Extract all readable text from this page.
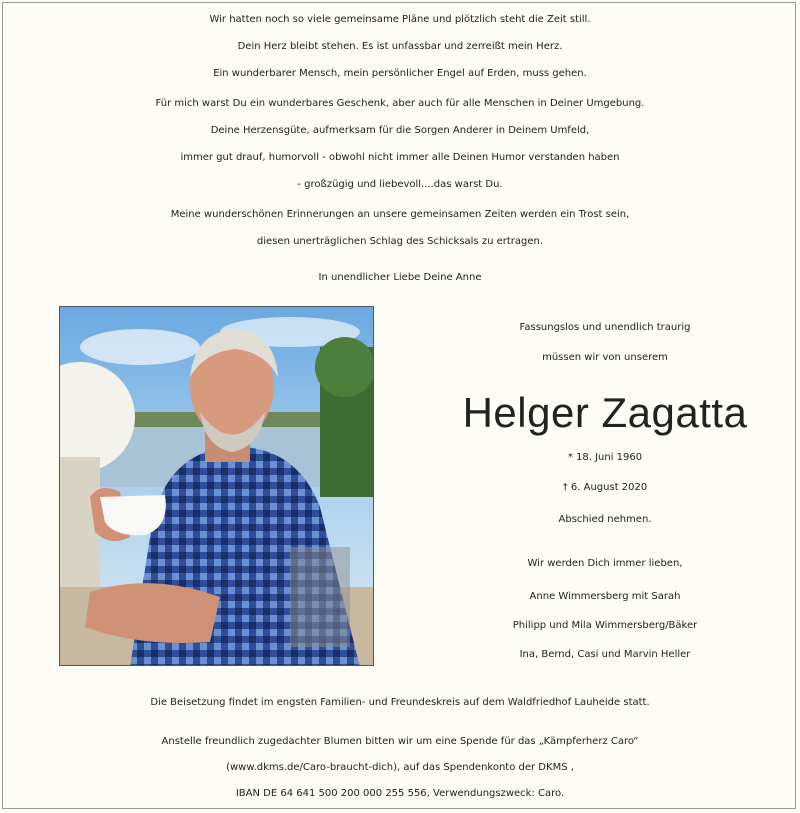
Wir hatten noch so viele gemeinsame Pläne und plötzlich steht die Zeit still.
Dein Herz bleibt stehen. Es ist unfassbar und zerreißt mein Herz.
Ein wunderbarer Mensch, mein persönlicher Engel auf Erden, muss gehen.
Für mich warst Du ein wunderbares Geschenk, aber auch für alle Menschen in Deiner Umgebung.
Deine Herzensgüte, aufmerksam für die Sorgen Anderer in Deinem Umfeld,
immer gut drauf, humorvoll - obwohl nicht immer alle Deinen Humor verstanden haben
- großzügig und liebevoll....das warst Du.
Meine wunderschönen Erinnerungen an unsere gemeinsamen Zeiten werden ein Trost sein,
diesen unerträglichen Schlag des Schicksals zu ertragen.
In unendlicher Liebe Deine Anne
Fassungslos und unendlich traurig
müssen wir von unserem
Helger Zagatta
* 18. Juni 1960
† 6. August 2020
Abschied nehmen.
Wir werden Dich immer lieben,
Anne Wimmersberg mit Sarah
Philipp und Mila Wimmersberg/Bäker
Ina, Bernd, Casi und Marvin Heller
Die Beisetzung findet im engsten Familien- und Freundeskreis auf dem Waldfriedhof Lauheide statt.
Anstelle freundlich zugedachter Blumen bitten wir um eine Spende für das „Kämpferherz Caro“
(www.dkms.de/Caro-braucht-dich), auf das Spendenkonto der DKMS ,
IBAN DE 64 641 500 200 000 255 556, Verwendungszweck: Caro.
